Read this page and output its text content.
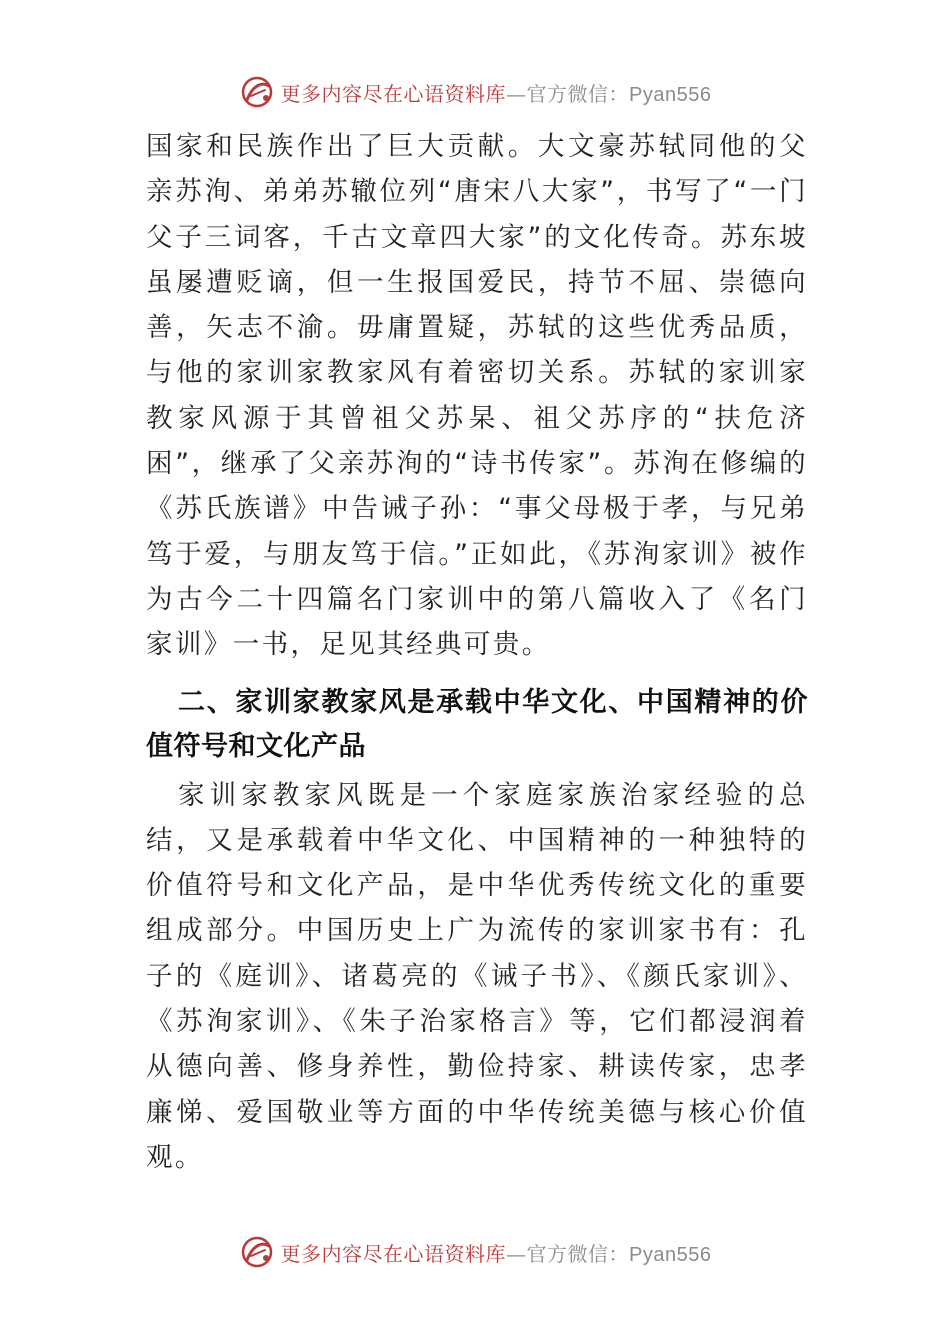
更多内容尽在心语资料库—官方微信：Pyan556

国家和民族作出了巨大贡献。大文豪苏轼同他的父亲苏洵、弟弟苏辙位列“唐宋八大家”，书写了“一门父子三词客，千古文章四大家”的文化传奇。苏东坡虽屡遭贬谪，但一生报国爱民，持节不屈、崇德向善，矢志不渝。毋庸置疑，苏轼的这些优秀品质，与他的家训家教家风有着密切关系。苏轼的家训家教家风源于其曾祖父苏杲、祖父苏序的“扶危济困”，继承了父亲苏洵的“诗书传家”。苏洵在修编的《苏氏族谱》中告诫子孙：“事父母极于孝，与兄弟笃于爱，与朋友笃于信。”正如此，《苏洵家训》被作为古今二十四篇名门家训中的第八篇收入了《名门家训》一书，足见其经典可贵。

二、家训家教家风是承载中华文化、中国精神的价值符号和文化产品

家训家教家风既是一个家庭家族治家经验的总结，又是承载着中华文化、中国精神的一种独特的价值符号和文化产品，是中华优秀传统文化的重要组成部分。中国历史上广为流传的家训家书有：孔子的《庭训》、诸葛亮的《诫子书》、《颜氏家训》、《苏洵家训》、《朱子治家格言》等，它们都浸润着从德向善、修身养性，勤俭持家、耕读传家，忠孝廉悌、爱国敬业等方面的中华传统美德与核心价值观。

更多内容尽在心语资料库—官方微信：Pyan556
